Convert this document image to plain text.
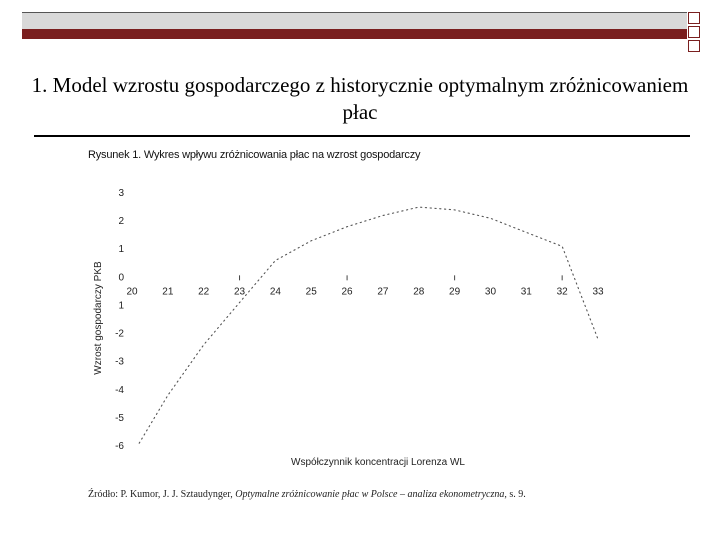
1. Model wzrostu gospodarczego z historycznie optymalnym zróżnicowaniem płac
Rysunek 1. Wykres wpływu zróżnicowania płac na wzrost gospodarczy
3
2
1
0
1
-2
-3
-4
-5
-6
20 21 22 23 24 25 26 27 28 29 30 31 32 33
Wzrost gospodarczy PKB
Współczynnik koncentracji Lorenza WL
Źródło: P. Kumor, J. J. Sztaudynger, Optymalne zróżnicowanie płac w Polsce – analiza ekonometryczna, s. 9.
